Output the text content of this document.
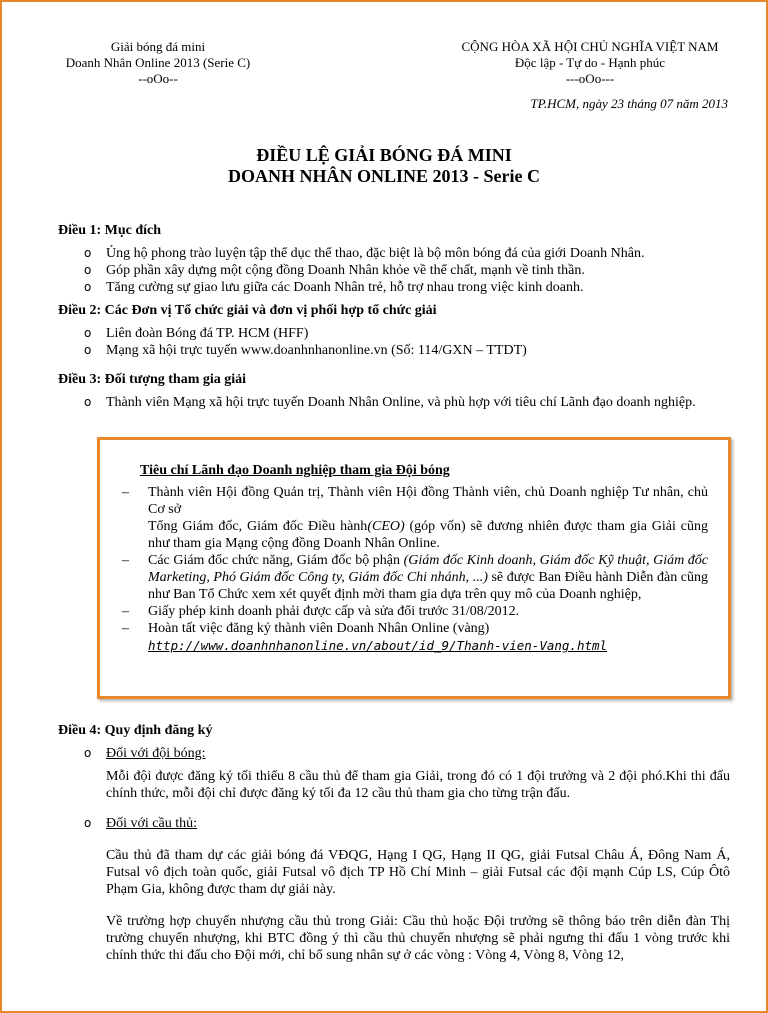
Giải bóng đá mini
Doanh Nhân Online 2013 (Serie C)
--oOo--
CỘNG HÒA XÃ HỘI CHỦ NGHĨA VIỆT NAM
Độc lập - Tự do - Hạnh phúc
---oOo---
TP.HCM, ngày 23 tháng 07 năm 2013
ĐIỀU LỆ GIẢI BÓNG ĐÁ MINI
DOANH NHÂN ONLINE 2013 - Serie C

Điều 1: Mục đích

o Ủng hộ phong trào luyện tập thể dục thể thao, đặc biệt là bộ môn bóng đá của giới Doanh Nhân.
o Góp phần xây dựng một cộng đồng Doanh Nhân khỏe về thể chất, mạnh về tinh thần.
o Tăng cường sự giao lưu giữa các Doanh Nhân trẻ, hỗ trợ nhau trong việc kinh doanh.

Điều 2: Các Đơn vị Tổ chức giải và đơn vị phối hợp tổ chức giải

o Liên đoàn Bóng đá TP. HCM (HFF)
o Mạng xã hội trực tuyến www.doanhnhanonline.vn (Số: 114/GXN – TTDT)

Điều 3: Đối tượng tham gia giải

o Thành viên Mạng xã hội trực tuyến Doanh Nhân Online, và phù hợp với tiêu chí Lãnh đạo doanh nghiệp.
Tiêu chí Lãnh đạo Doanh nghiệp tham gia Đội bóng
– Thành viên Hội đồng Quản trị, Thành viên Hội đồng Thành viên, chủ Doanh nghiệp Tư nhân, chủ Cơ sở
Tổng Giám đốc, Giám đốc Điều hành(CEO) (góp vốn) sẽ đương nhiên được tham gia Giải cũng như tham gia Mạng cộng đồng Doanh Nhân Online.
– Các Giám đốc chức năng, Giám đốc bộ phận (Giám đốc Kinh doanh, Giám đốc Kỹ thuật, Giám đốc Marketing, Phó Giám đốc Công ty, Giám đốc Chi nhánh, ...) sẽ được Ban Điều hành Diễn đàn cũng như Ban Tổ Chức xem xét quyết định mời tham gia dựa trên quy mô của Doanh nghiệp,
– Giấy phép kinh doanh phải được cấp và sửa đổi trước 31/08/2012.
– Hoàn tất việc đăng ký thành viên Doanh Nhân Online (vàng)
http://www.doanhnhanonline.vn/about/id_9/Thanh-vien-Vang.html

Điều 4: Quy định đăng ký

o Đối với đội bóng:
Mỗi đội được đăng ký tối thiểu 8 cầu thủ để tham gia Giải, trong đó có 1 đội trưởng và 2 đội phó.Khi thi đấu chính thức, mỗi đội chỉ được đăng ký tối đa 12 cầu thủ tham gia cho từng trận đấu.
o Đối với cầu thủ:
Cầu thủ đã tham dự các giải bóng đá VĐQG, Hạng I QG, Hạng II QG, giải Futsal Châu Á, Đông Nam Á, Futsal vô địch toàn quốc, giải Futsal vô địch TP Hồ Chí Minh – giải Futsal các đội mạnh Cúp LS, Cúp Ôtô Phạm Gia, không được tham dự giải này.
Về trường hợp chuyển nhượng cầu thủ trong Giải: Cầu thủ hoặc Đội trưởng sẽ thông báo trên diễn đàn Thị trường chuyển nhượng, khi BTC đồng ý thì cầu thủ chuyển nhượng sẽ phải ngưng thi đấu 1 vòng trước khi chính thức thi đấu cho Đội mới, chỉ bổ sung nhân sự ở các vòng : Vòng 4, Vòng 8, Vòng 12,
